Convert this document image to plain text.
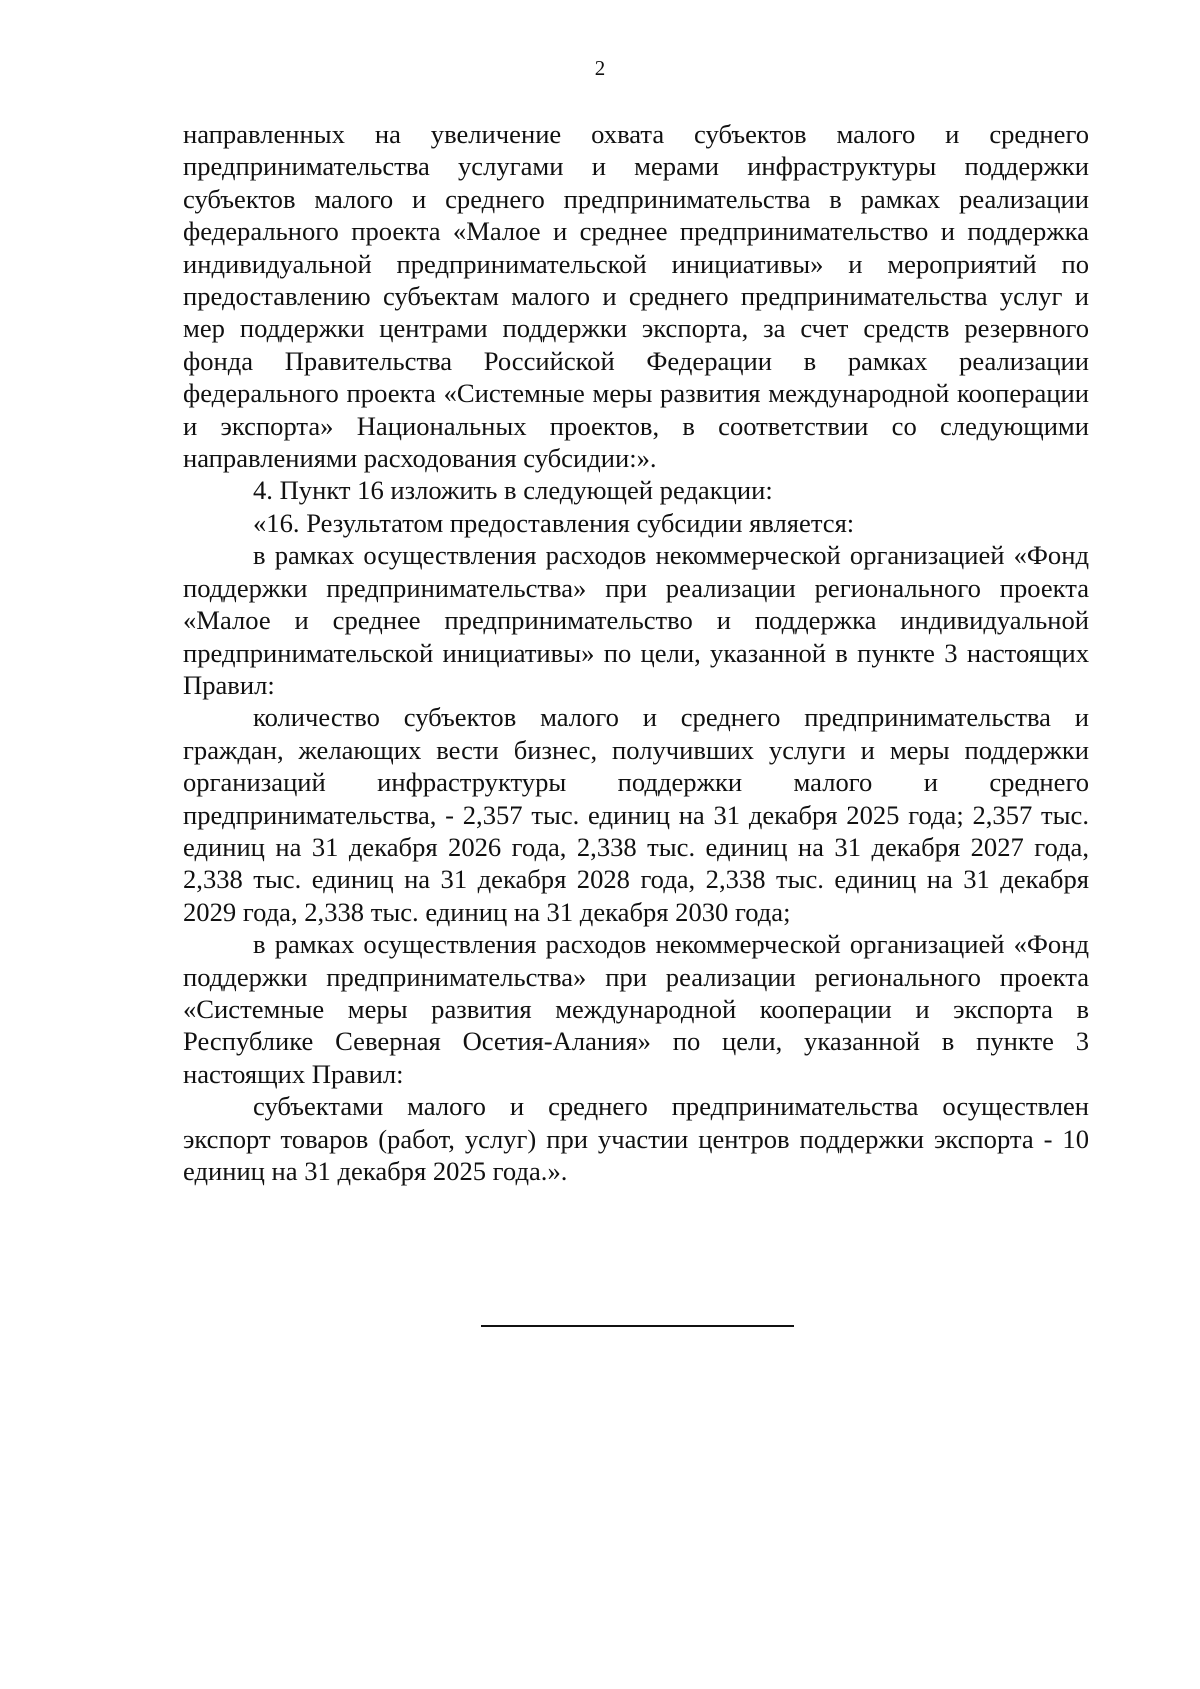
2

направленных на увеличение охвата субъектов малого и среднего предпринимательства услугами и мерами инфраструктуры поддержки субъектов малого и среднего предпринимательства в рамках реализации федерального проекта «Малое и среднее предпринимательство и поддержка индивидуальной предпринимательской инициативы» и мероприятий по предоставлению субъектам малого и среднего предпринимательства услуг и мер поддержки центрами поддержки экспорта, за счет средств резервного фонда Правительства Российской Федерации в рамках реализации федерального проекта «Системные меры развития международной кооперации и экспорта» Национальных проектов, в соответствии со следующими направлениями расходования субсидии:».

4. Пункт 16 изложить в следующей редакции:

«16. Результатом предоставления субсидии является:

в рамках осуществления расходов некоммерческой организацией «Фонд поддержки предпринимательства» при реализации регионального проекта «Малое и среднее предпринимательство и поддержка индивидуальной предпринимательской инициативы» по цели, указанной в пункте 3 настоящих Правил:

количество субъектов малого и среднего предпринимательства и граждан, желающих вести бизнес, получивших услуги и меры поддержки организаций инфраструктуры поддержки малого и среднего предпринимательства, - 2,357 тыс. единиц на 31 декабря 2025 года; 2,357 тыс. единиц на 31 декабря 2026 года, 2,338 тыс. единиц на 31 декабря 2027 года, 2,338 тыс. единиц на 31 декабря 2028 года, 2,338 тыс. единиц на 31 декабря 2029 года, 2,338 тыс. единиц на 31 декабря 2030 года;

в рамках осуществления расходов некоммерческой организацией «Фонд поддержки предпринимательства» при реализации регионального проекта «Системные меры развития международной кооперации и экспорта в Республике Северная Осетия-Алания» по цели, указанной в пункте 3 настоящих Правил:

субъектами малого и среднего предпринимательства осуществлен экспорт товаров (работ, услуг) при участии центров поддержки экспорта - 10 единиц на 31 декабря 2025 года.».
